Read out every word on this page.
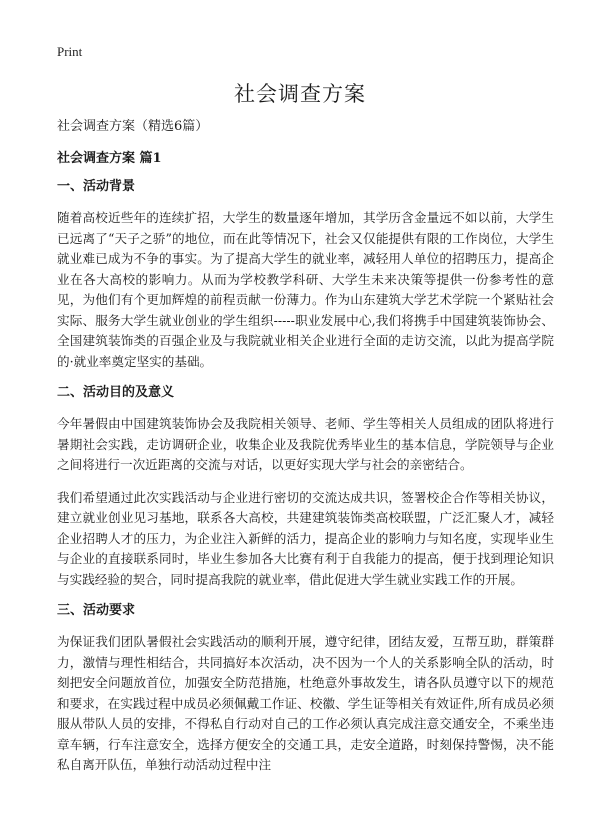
Print
社会调查方案

社会调查方案（精选6篇）

社会调查方案 篇1

一、活动背景

随着高校近些年的连续扩招，大学生的数量逐年增加，其学历含金量远不如以前，大学生已远离了“天子之骄”的地位，而在此等情况下，社会又仅能提供有限的工作岗位，大学生就业难已成为不争的事实。为了提高大学生的就业率，减轻用人单位的招聘压力，提高企业在各大高校的影响力。从而为学校教学科研、大学生未来决策等提供一份参考性的意见，为他们有个更加辉煌的前程贡献一份薄力。作为山东建筑大学艺术学院一个紧贴社会实际、服务大学生就业创业的学生组织-----职业发展中心,我们将携手中国建筑装饰协会、全国建筑装饰类的百强企业及与我院就业相关企业进行全面的走访交流，以此为提高学院的·就业率奠定坚实的基础。

二、活动目的及意义

今年暑假由中国建筑装饰协会及我院相关领导、老师、学生等相关人员组成的团队将进行暑期社会实践，走访调研企业，收集企业及我院优秀毕业生的基本信息，学院领导与企业之间将进行一次近距离的交流与对话，以更好实现大学与社会的亲密结合。

我们希望通过此次实践活动与企业进行密切的交流达成共识，签署校企合作等相关协议，建立就业创业见习基地，联系各大高校，共建建筑装饰类高校联盟，广泛汇聚人才，减轻企业招聘人才的压力，为企业注入新鲜的活力，提高企业的影响力与知名度，实现毕业生与企业的直接联系同时，毕业生参加各大比赛有利于自我能力的提高，便于找到理论知识与实践经验的契合，同时提高我院的就业率，借此促进大学生就业实践工作的开展。

三、活动要求

为保证我们团队暑假社会实践活动的顺利开展，遵守纪律，团结友爱，互帮互助，群策群力，激情与理性相结合，共同搞好本次活动，决不因为一个人的关系影响全队的活动，时刻把安全问题放首位，加强安全防范措施，杜绝意外事故发生，请各队员遵守以下的规范和要求，在实践过程中成员必须佩戴工作证、校徽、学生证等相关有效证件,所有成员必须服从带队人员的安排，不得私自行动对自己的工作必须认真完成注意交通安全，不乘坐违章车辆，行车注意安全，选择方便安全的交通工具，走安全道路，时刻保持警惕，决不能私自离开队伍，单独行动活动过程中注
